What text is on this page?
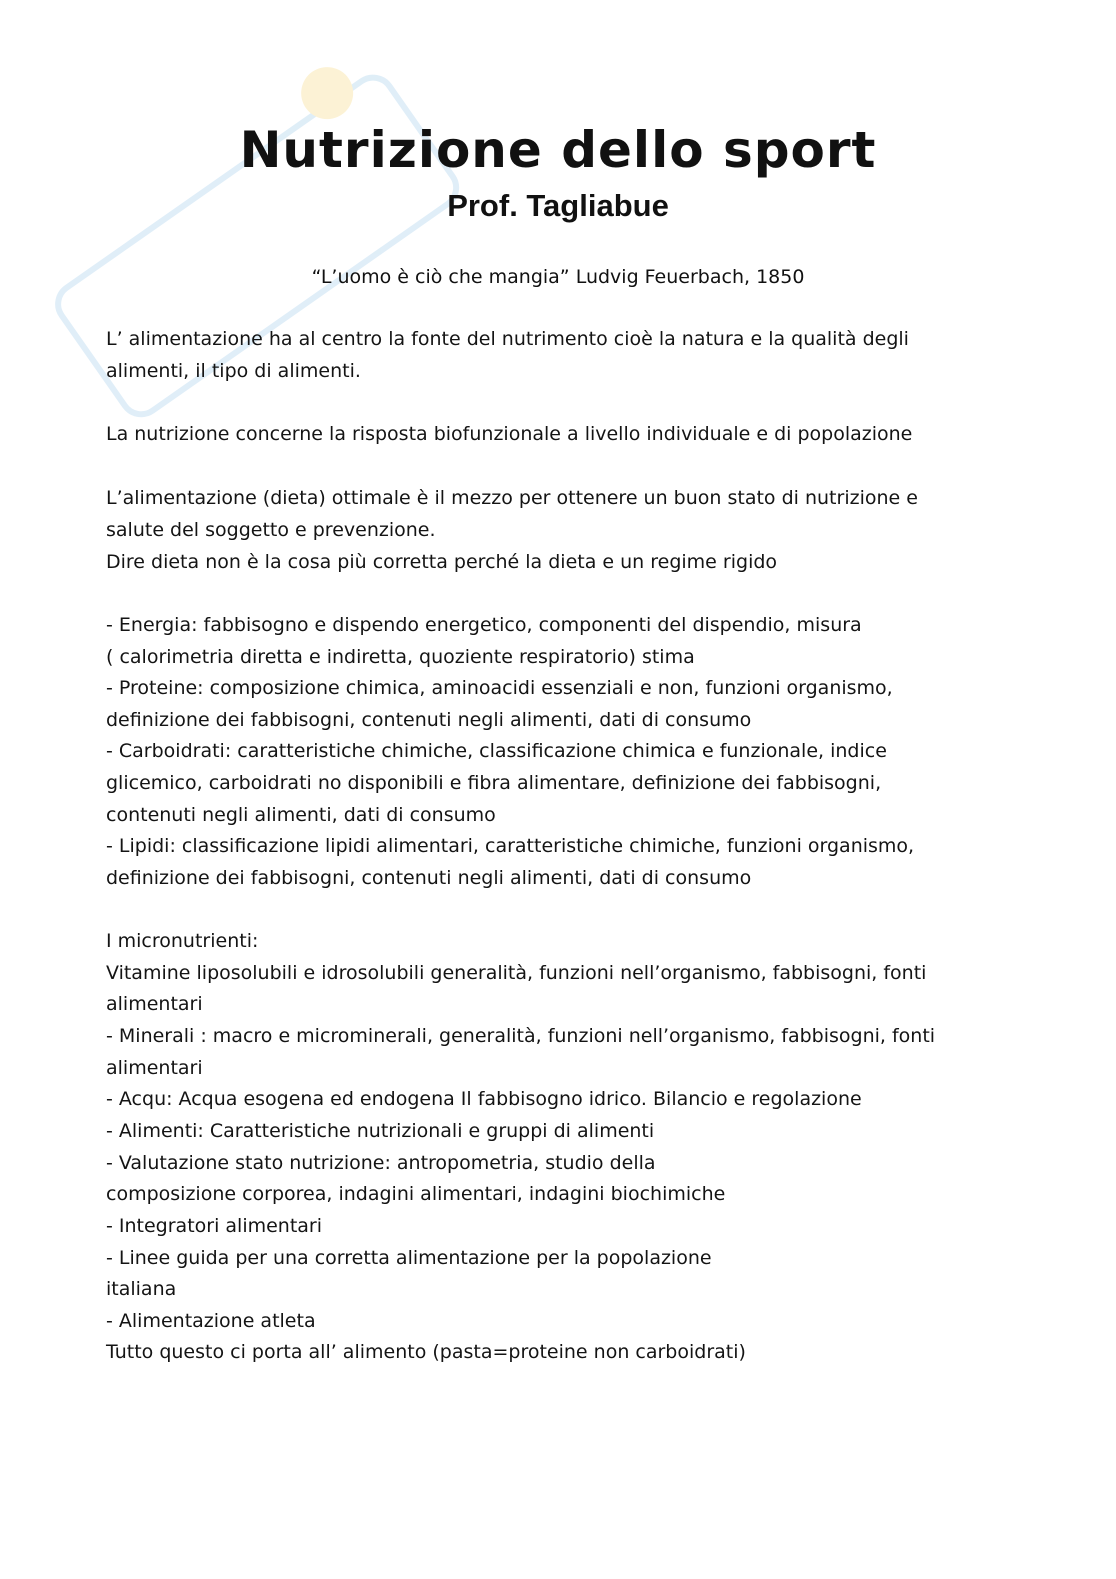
Nutrizione dello sport
Prof. Tagliabue
“L’uomo è ciò che mangia” Ludvig Feuerbach, 1850
L’ alimentazione ha al centro la fonte del nutrimento cioè la natura e la qualità degli
alimenti, il tipo di alimenti.
La nutrizione concerne la risposta biofunzionale a livello individuale e di popolazione
L’alimentazione (dieta) ottimale è il mezzo per ottenere un buon stato di nutrizione e
salute del soggetto e prevenzione.
Dire dieta non è la cosa più corretta perché la dieta e un regime rigido
- Energia: fabbisogno e dispendo energetico, componenti del dispendio, misura
( calorimetria diretta e indiretta, quoziente respiratorio) stima
- Proteine: composizione chimica, aminoacidi essenziali e non, funzioni organismo,
definizione dei fabbisogni, contenuti negli alimenti, dati di consumo
- Carboidrati: caratteristiche chimiche, classificazione chimica e funzionale, indice
glicemico, carboidrati no disponibili e fibra alimentare, definizione dei fabbisogni,
contenuti negli alimenti, dati di consumo
- Lipidi: classificazione lipidi alimentari, caratteristiche chimiche, funzioni organismo,
definizione dei fabbisogni, contenuti negli alimenti, dati di consumo
I micronutrienti:
Vitamine liposolubili e idrosolubili generalità, funzioni nell’organismo, fabbisogni, fonti
alimentari
- Minerali : macro e microminerali, generalità, funzioni nell’organismo, fabbisogni, fonti
alimentari
- Acqu: Acqua esogena ed endogena Il fabbisogno idrico. Bilancio e regolazione
- Alimenti: Caratteristiche nutrizionali e gruppi di alimenti
- Valutazione stato nutrizione: antropometria, studio della
composizione corporea, indagini alimentari, indagini biochimiche
- Integratori alimentari
- Linee guida per una corretta alimentazione per la popolazione
italiana
- Alimentazione atleta
Tutto questo ci porta all’ alimento (pasta=proteine non carboidrati)
